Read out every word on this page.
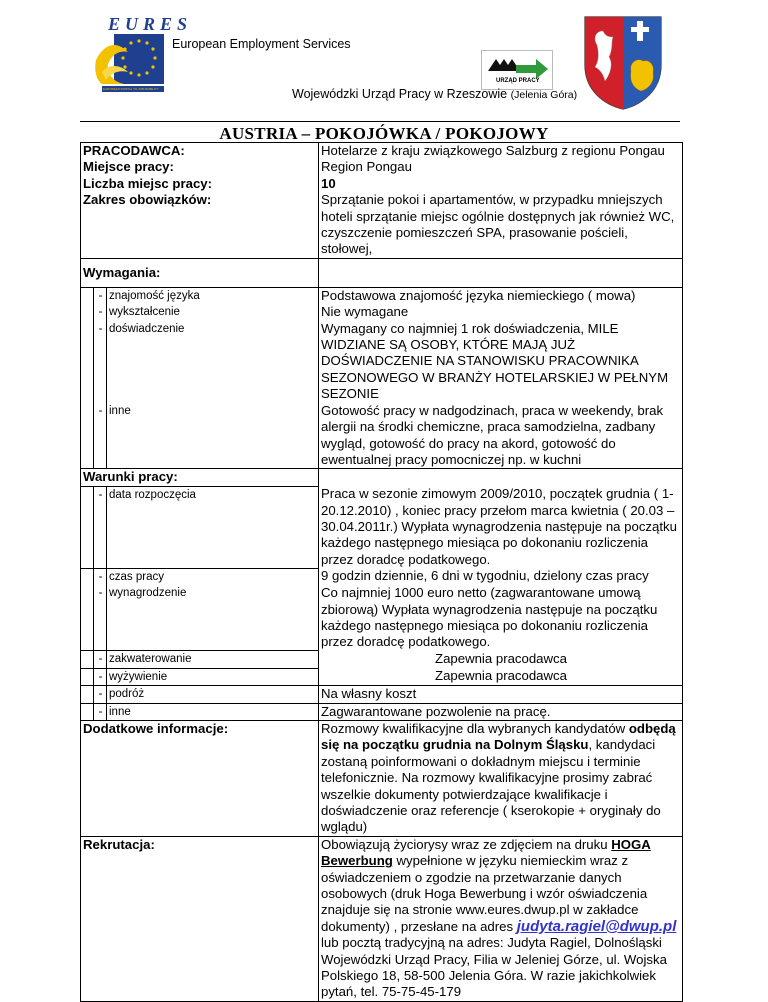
EURES
EUROPEAN PORTAL TO JOB MOBILITY
European Employment Services
URZĄD PRACY
Wojewódzki Urząd Pracy w Rzeszowie (Jelenia Góra)
AUSTRIA – POKOJÓWKA / POKOJOWY
PRACODAWCA:			Hotelarze z kraju związkowego Salzburg z regionu Pongau
Miejsce pracy:			Region Pongau
Liczba miejsc pracy:			10
Zakres obowiązków:			Sprzątanie pokoi i apartamentów, w przypadku mniejszych hoteli sprzątanie miejsc ogólnie dostępnych jak również WC, czyszczenie pomieszczeń SPA, prasowanie pościeli, stołowej,
Wymagania:			
	-	znajomość języka	Podstawowa znajomość języka niemieckiego ( mowa)
	-	wykształcenie	Nie wymagane
	-	doświadczenie	Wymagany co najmniej 1 rok doświadczenia, MILE WIDZIANE SĄ OSOBY, KTÓRE MAJĄ JUŻ DOŚWIADCZENIE NA STANOWISKU PRACOWNIKA SEZONOWEGO W BRANŻY HOTELARSKIEJ W PEŁNYM SEZONIE
	-	inne	Gotowość pracy w nadgodzinach, praca w weekendy, brak alergii na środki chemiczne, praca samodzielna, zadbany wygląd, gotowość do pracy na akord, gotowość do ewentualnej pracy pomocniczej np. w kuchni
Warunki pracy:			
	-	data rozpoczęcia	Praca w sezonie zimowym 2009/2010, początek grudnia ( 1-20.12.2010) , koniec pracy przełom marca kwietnia ( 20.03 – 30.04.2011r.) Wypłata wynagrodzenia następuje na początku każdego następnego miesiąca po dokonaniu rozliczenia przez doradcę podatkowego.
	-	czas pracy	9 godzin dziennie, 6 dni w tygodniu, dzielony czas pracy
	-	wynagrodzenie	Co najmniej 1000 euro netto (zagwarantowane umową zbiorową) Wypłata wynagrodzenia następuje na początku każdego następnego miesiąca po dokonaniu rozliczenia przez doradcę podatkowego.
	-	zakwaterowanie	Zapewnia pracodawca
	-	wyżywienie	Zapewnia pracodawca
	-	podróż	Na własny koszt
	-	inne	Zagwarantowane pozwolenie na pracę.
Dodatkowe informacje:			Rozmowy kwalifikacyjne dla wybranych kandydatów odbędą się na początku grudnia na Dolnym Śląsku, kandydaci zostaną poinformowani o dokładnym miejscu i terminie telefonicznie. Na rozmowy kwalifikacyjne prosimy zabrać wszelkie dokumenty potwierdzające kwalifikacje i doświadczenie oraz referencje ( kserokopie + oryginały do wglądu)
Rekrutacja:			Obowiązują życiorysy wraz ze zdjęciem na druku HOGA Bewerbung wypełnione w języku niemieckim wraz z oświadczeniem o zgodzie na przetwarzanie danych osobowych (druk Hoga Bewerbung i wzór oświadczenia znajduje się na stronie www.eures.dwup.pl w zakładce dokumenty) , przesłane na adres judyta.ragiel@dwup.pl lub pocztą tradycyjną na adres: Judyta Ragiel, Dolnośląski Wojewódzki Urząd Pracy, Filia w Jeleniej Górze, ul. Wojska Polskiego 18, 58-500 Jelenia Góra. W razie jakichkolwiek pytań, tel. 75-75-45-179
